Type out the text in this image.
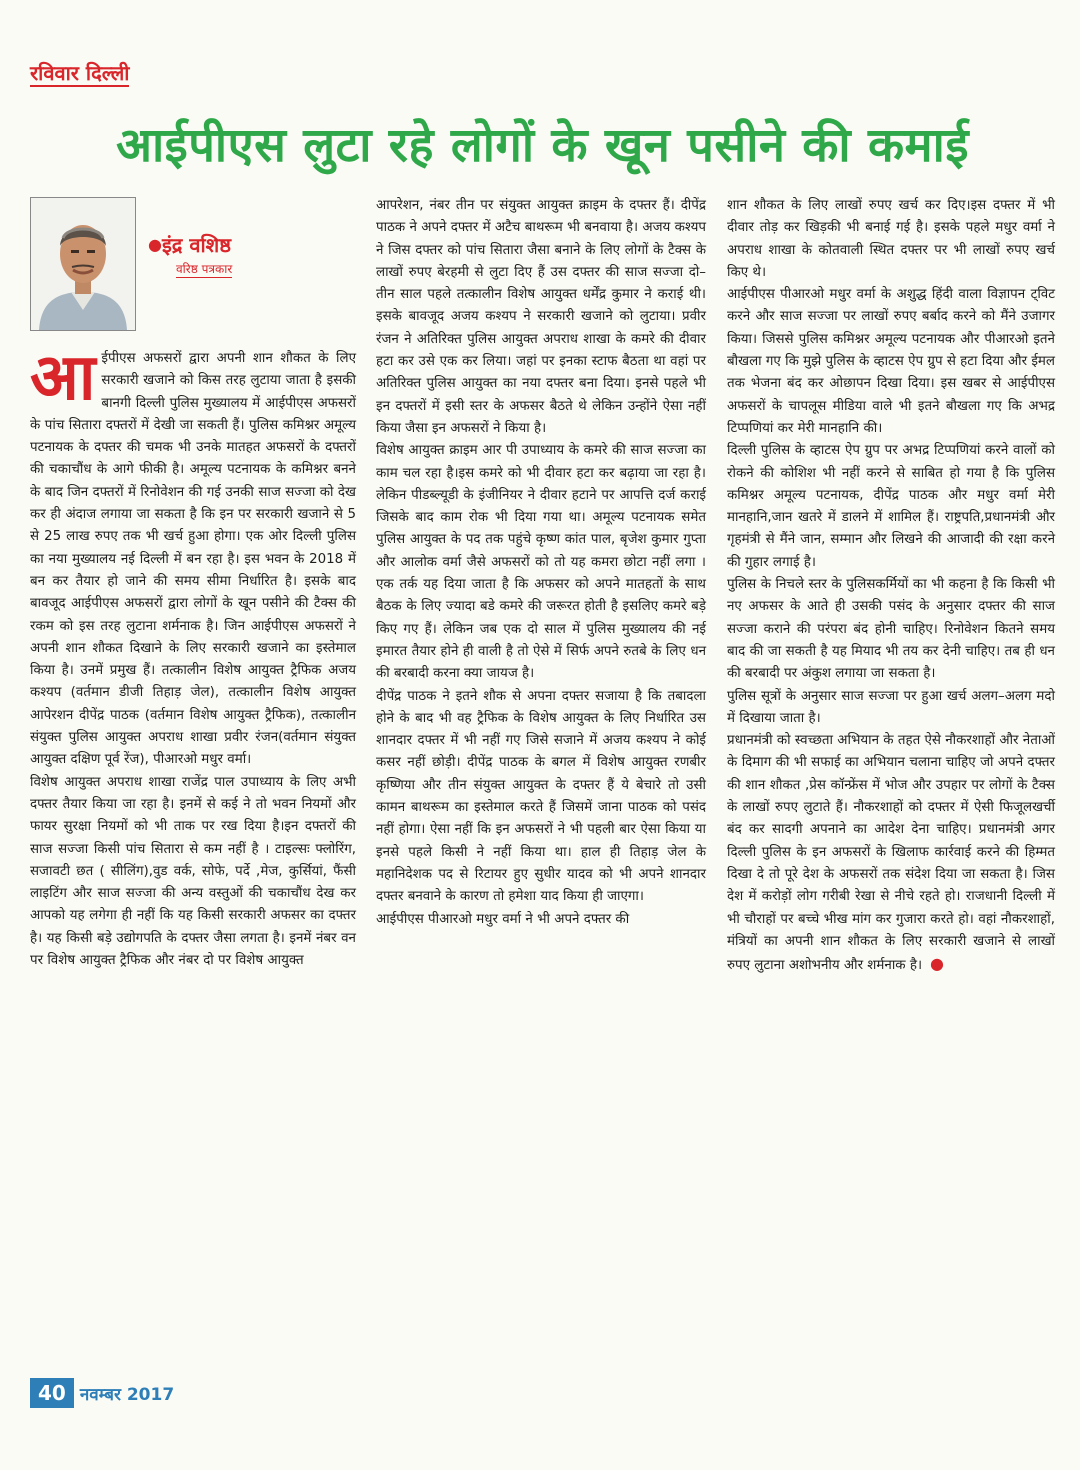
रविवार दिल्ली
आईपीएस लुटा रहे लोगों के खून पसीने की कमाई
●इंद्र वशिष्ठ
वरिष्ठ पत्रकार
आ ईपीएस अफसरों द्वारा अपनी शान शौकत के लिए सरकारी खजाने को किस तरह लुटाया जाता है इसकी बानगी दिल्ली पुलिस मुख्यालय में आईपीएस अफसरों के पांच सितारा दफ्तरों में देखी जा सकती हैं। पुलिस कमिश्नर अमूल्य पटनायक के दफ्तर की चमक भी उनके मातहत अफसरों के दफ्तरों की चकाचौंध के आगे फीकी है। अमूल्य पटनायक के कमिश्नर बनने के बाद जिन दफ्तरों में रिनोवेशन की गई उनकी साज सज्जा को देख कर ही अंदाज लगाया जा सकता है कि इन पर सरकारी खजाने से 5 से 25 लाख रुपए तक भी खर्च हुआ होगा। एक ओर दिल्ली पुलिस का नया मुख्यालय नई दिल्ली में बन रहा है। इस भवन के 2018 में बन कर तैयार हो जाने की समय सीमा निर्धारित है। इसके बाद बावजूद आईपीएस अफसरों द्वारा लोगों के खून पसीने की टैक्स की रकम को इस तरह लुटाना शर्मनाक है। जिन आईपीएस अफसरों ने अपनी शान शौकत दिखाने के लिए सरकारी खजाने का इस्तेमाल किया है। उनमें प्रमुख हैं। तत्कालीन विशेष आयुक्त ट्रैफिक अजय कश्यप (वर्तमान डीजी तिहाड़ जेल), तत्कालीन विशेष आयुक्त आपेरशन दीपेंद्र पाठक (वर्तमान विशेष आयुक्त ट्रैफिक), तत्कालीन संयुक्त पुलिस आयुक्त अपराध शाखा प्रवीर रंजन(वर्तमान संयुक्त आयुक्त दक्षिण पूर्व रेंज), पीआरओ मधुर वर्मा।

विशेष आयुक्त अपराध शाखा राजेंद्र पाल उपाध्याय के लिए अभी दफ्तर तैयार किया जा रहा है। इनमें से कई ने तो भवन नियमों और फायर सुरक्षा नियमों को भी ताक पर रख दिया है।इन दफ्तरों की साज सज्जा किसी पांच सितारा से कम नहीं है । टाइल्सः फ्लोरिंग, सजावटी छत ( सीलिंग),वुड वर्क, सोफे, पर्दे ,मेज, कुर्सियां, फैंसी लाइटिंग और साज सज्जा की अन्य वस्तुओं की चकाचौंध देख कर आपको यह लगेगा ही नहीं कि यह किसी सरकारी अफसर का दफ्तर है। यह किसी बड़े उद्योगपति के दफ्तर जैसा लगता है। इनमें नंबर वन पर विशेष आयुक्त ट्रैफिक और नंबर दो पर विशेष आयुक्त

आपरेशन, नंबर तीन पर संयुक्त आयुक्त क्राइम के दफ्तर हैं। दीपेंद्र पाठक ने अपने दफ्तर में अटैच बाथरूम भी बनवाया है। अजय कश्यप ने जिस दफ्तर को पांच सितारा जैसा बनाने के लिए लोगों के टैक्स के लाखों रुपए बेरहमी से लुटा दिए हैं उस दफ्तर की साज सज्जा दो– तीन साल पहले तत्कालीन विशेष आयुक्त धर्मेंद्र कुमार ने कराई थी। इसके बावजूद अजय कश्यप ने सरकारी खजाने को लुटाया। प्रवीर रंजन ने अतिरिक्त पुलिस आयुक्त अपराध शाखा के कमरे की दीवार हटा कर उसे एक कर लिया। जहां पर इनका स्टाफ बैठता था वहां पर अतिरिक्त पुलिस आयुक्त का नया दफ्तर बना दिया। इनसे पहले भी इन दफ्तरों में इसी स्तर के अफसर बैठते थे लेकिन उन्होंने ऐसा नहीं किया जैसा इन अफसरों ने किया है।

विशेष आयुक्त क्राइम आर पी उपाध्याय के कमरे की साज सज्जा का काम चल रहा है।इस कमरे को भी दीवार हटा कर बढ़ाया जा रहा है। लेकिन पीडब्ल्यूडी के इंजीनियर ने दीवार हटाने पर आपत्ति दर्ज कराई जिसके बाद काम रोक भी दिया गया था। अमूल्य पटनायक समेत पुलिस आयुक्त के पद तक पहुंचे कृष्ण कांत पाल, बृजेश कुमार गुप्ता और आलोक वर्मा जैसे अफसरों को तो यह कमरा छोटा नहीं लगा । एक तर्क यह दिया जाता है कि अफसर को अपने मातहतों के साथ बैठक के लिए ज्यादा बडे कमरे की जरूरत होती है इसलिए कमरे बड़े किए गए हैं। लेकिन जब एक दो साल में पुलिस मुख्यालय की नई इमारत तैयार होने ही वाली है तो ऐसे में सिर्फ अपने रुतबे के लिए धन की बरबादी करना क्या जायज है।

दीपेंद्र पाठक ने इतने शौक से अपना दफ्तर सजाया है कि तबादला होने के बाद भी वह ट्रैफिक के विशेष आयुक्त के लिए निर्धारित उस शानदार दफ्तर में भी नहीं गए जिसे सजाने में अजय कश्यप ने कोई कसर नहीं छोड़ी। दीपेंद्र पाठक के बगल में विशेष आयुक्त रणबीर कृष्णिया और तीन संयुक्त आयुक्त के दफ्तर हैं ये बेचारे तो उसी कामन बाथरूम का इस्तेमाल करते हैं जिसमें जाना पाठक को पसंद नहीं होगा। ऐसा नहीं कि इन अफसरों ने भी पहली बार ऐसा किया या इनसे पहले किसी ने नहीं किया था। हाल ही तिहाड़ जेल के महानिदेशक पद से रिटायर हुए सुधीर यादव को भी अपने शानदार दफ्तर बनवाने के कारण तो हमेशा याद किया ही जाएगा।

आईपीएस पीआरओ मधुर वर्मा ने भी अपने दफ्तर की

शान शौकत के लिए लाखों रुपए खर्च कर दिए।इस दफ्तर में भी दीवार तोड़ कर खिड़की भी बनाई गई है। इसके पहले मधुर वर्मा ने अपराध शाखा के कोतवाली स्थित दफ्तर पर भी लाखों रुपए खर्च किए थे।

आईपीएस पीआरओ मधुर वर्मा के अशुद्ध हिंदी वाला विज्ञापन ट्विट करने और साज सज्जा पर लाखों रुपए बर्बाद करने को मैंने उजागर किया। जिससे पुलिस कमिश्नर अमूल्य पटनायक और पीआरओ इतने बौखला गए कि मुझे पुलिस के व्हाटस ऐप ग्रुप से हटा दिया और ईमल तक भेजना बंद कर ओछापन दिखा दिया। इस खबर से आईपीएस अफसरों के चापलूस मीडिया वाले भी इतने बौखला गए कि अभद्र टिप्पणियां कर मेरी मानहानि की।

दिल्ली पुलिस के व्हाटस ऐप ग्रुप पर अभद्र टिप्पणियां करने वालों को रोकने की कोशिश भी नहीं करने से साबित हो गया है कि पुलिस कमिश्नर अमूल्य पटनायक, दीपेंद्र पाठक और मधुर वर्मा मेरी मानहानि,जान खतरे में डालने में शामिल हैं। राष्ट्रपति,प्रधानमंत्री और गृहमंत्री से मैंने जान, सम्मान और लिखने की आजादी की रक्षा करने की गुहार लगाई है।

पुलिस के निचले स्तर के पुलिसकर्मियों का भी कहना है कि किसी भी नए अफसर के आते ही उसकी पसंद के अनुसार दफ्तर की साज सज्जा कराने की परंपरा बंद होनी चाहिए। रिनोवेशन कितने समय बाद की जा सकती है यह मियाद भी तय कर देनी चाहिए। तब ही धन की बरबादी पर अंकुश लगाया जा सकता है।

पुलिस सूत्रों के अनुसार साज सज्जा पर हुआ खर्च अलग–अलग मदो में दिखाया जाता है।

प्रधानमंत्री को स्वच्छता अभियान के तहत ऐसे नौकरशाहों और नेताओं के दिमाग की भी सफाई का अभियान चलाना चाहिए जो अपने दफ्तर की शान शौकत ,प्रेस कॉन्फ्रेंस में भोज और उपहार पर लोगों के टैक्स के लाखों रुपए लुटाते हैं। नौकरशाहों को दफ्तर में ऐसी फिजूलखर्ची बंद कर सादगी अपनाने का आदेश देना चाहिए। प्रधानमंत्री अगर दिल्ली पुलिस के इन अफसरों के खिलाफ कार्रवाई करने की हिम्मत दिखा दे तो पूरे देश के अफसरों तक संदेश दिया जा सकता है। जिस देश में करोड़ों लोग गरीबी रेखा से नीचे रहते हो। राजधानी दिल्ली में भी चौराहों पर बच्चे भीख मांग कर गुजारा करते हो। वहां नौकरशाहों, मंत्रियों का अपनी शान शौकत के लिए सरकारी खजाने से लाखों रुपए लुटाना अशोभनीय और शर्मनाक है। ●

40 नवम्बर 2017
